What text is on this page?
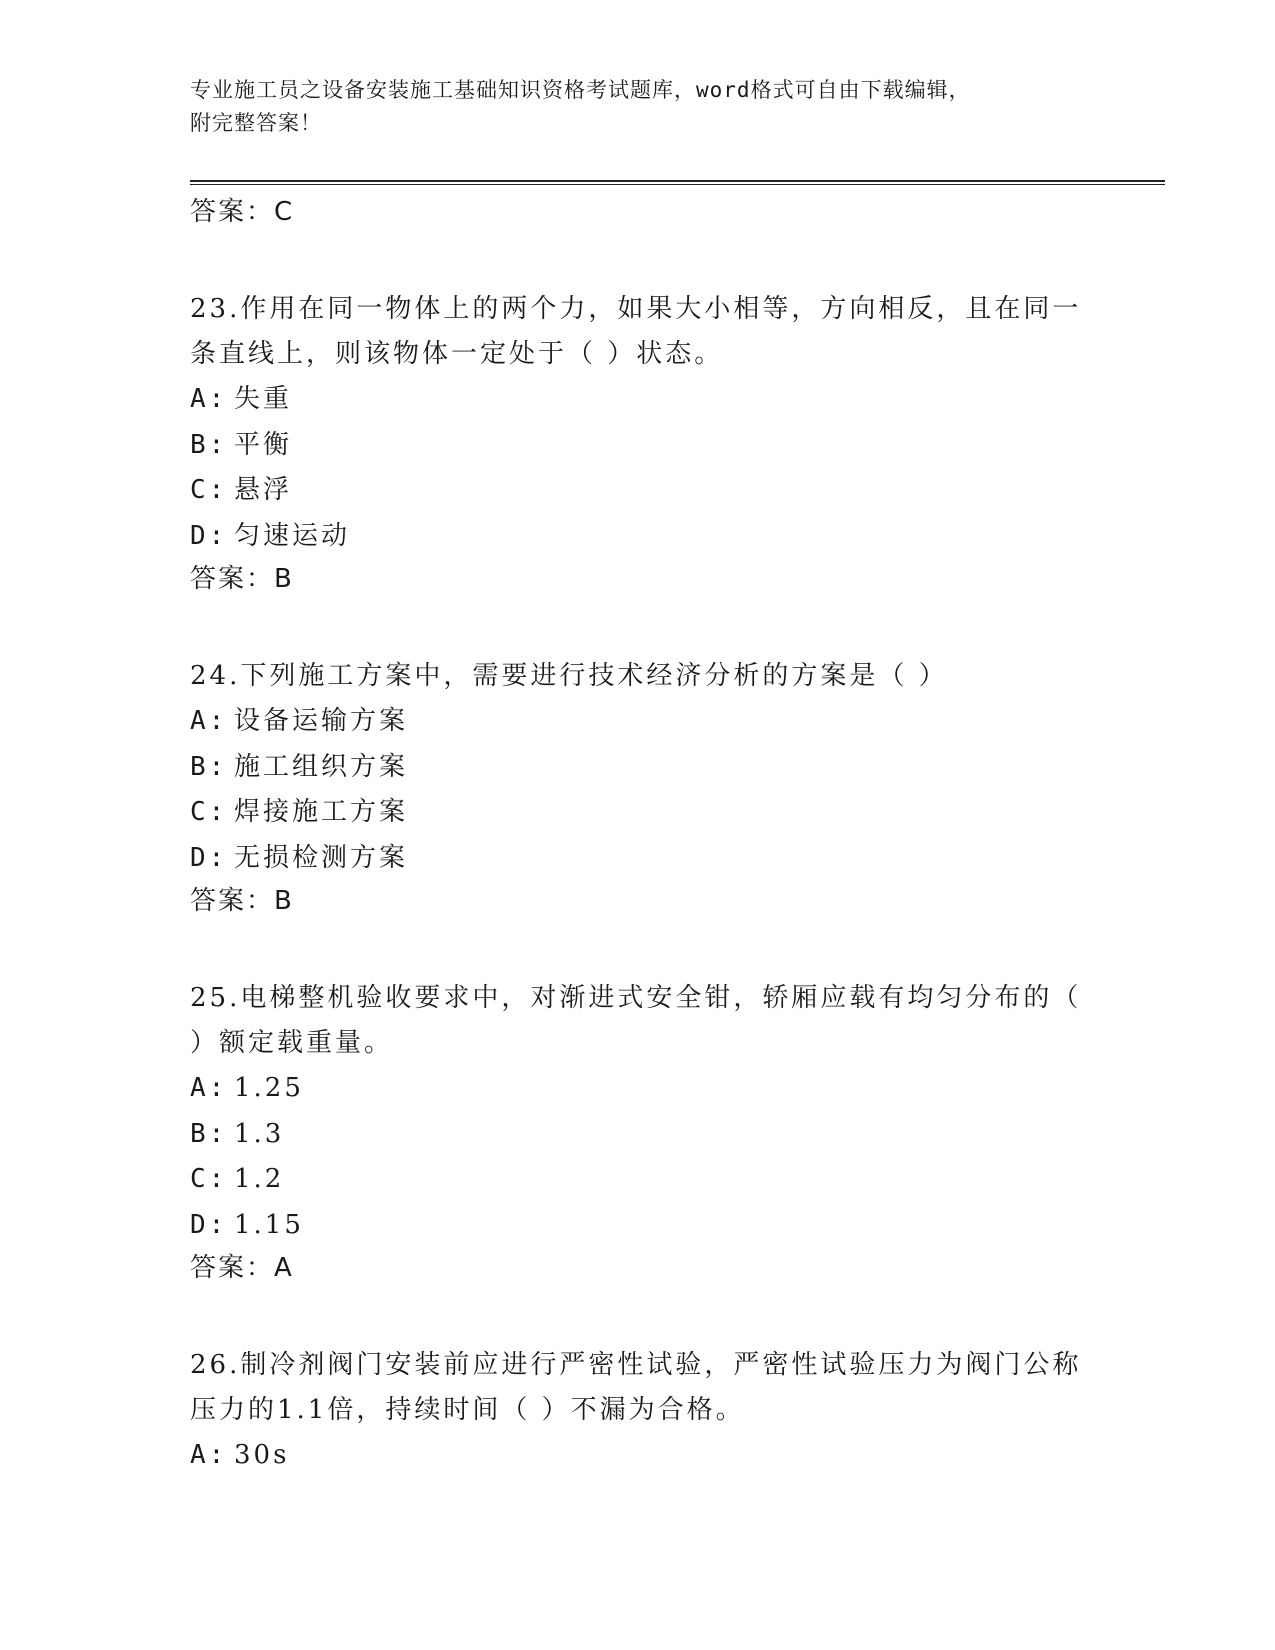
专业施工员之设备安装施工基础知识资格考试题库，word格式可自由下载编辑，
附完整答案！
答案：C
23.作用在同一物体上的两个力，如果大小相等，方向相反，且在同一
条直线上，则该物体一定处于（ ）状态。
A: 失重
B: 平衡
C: 悬浮
D: 匀速运动
答案：B
24.下列施工方案中，需要进行技术经济分析的方案是（ ）
A: 设备运输方案
B: 施工组织方案
C: 焊接施工方案
D: 无损检测方案
答案：B
25.电梯整机验收要求中，对渐进式安全钳，轿厢应载有均匀分布的（
）额定载重量。
A: 1.25
B: 1.3
C: 1.2
D: 1.15
答案：A
26.制冷剂阀门安装前应进行严密性试验，严密性试验压力为阀门公称
压力的1.1倍，持续时间（ ）不漏为合格。
A: 30s
